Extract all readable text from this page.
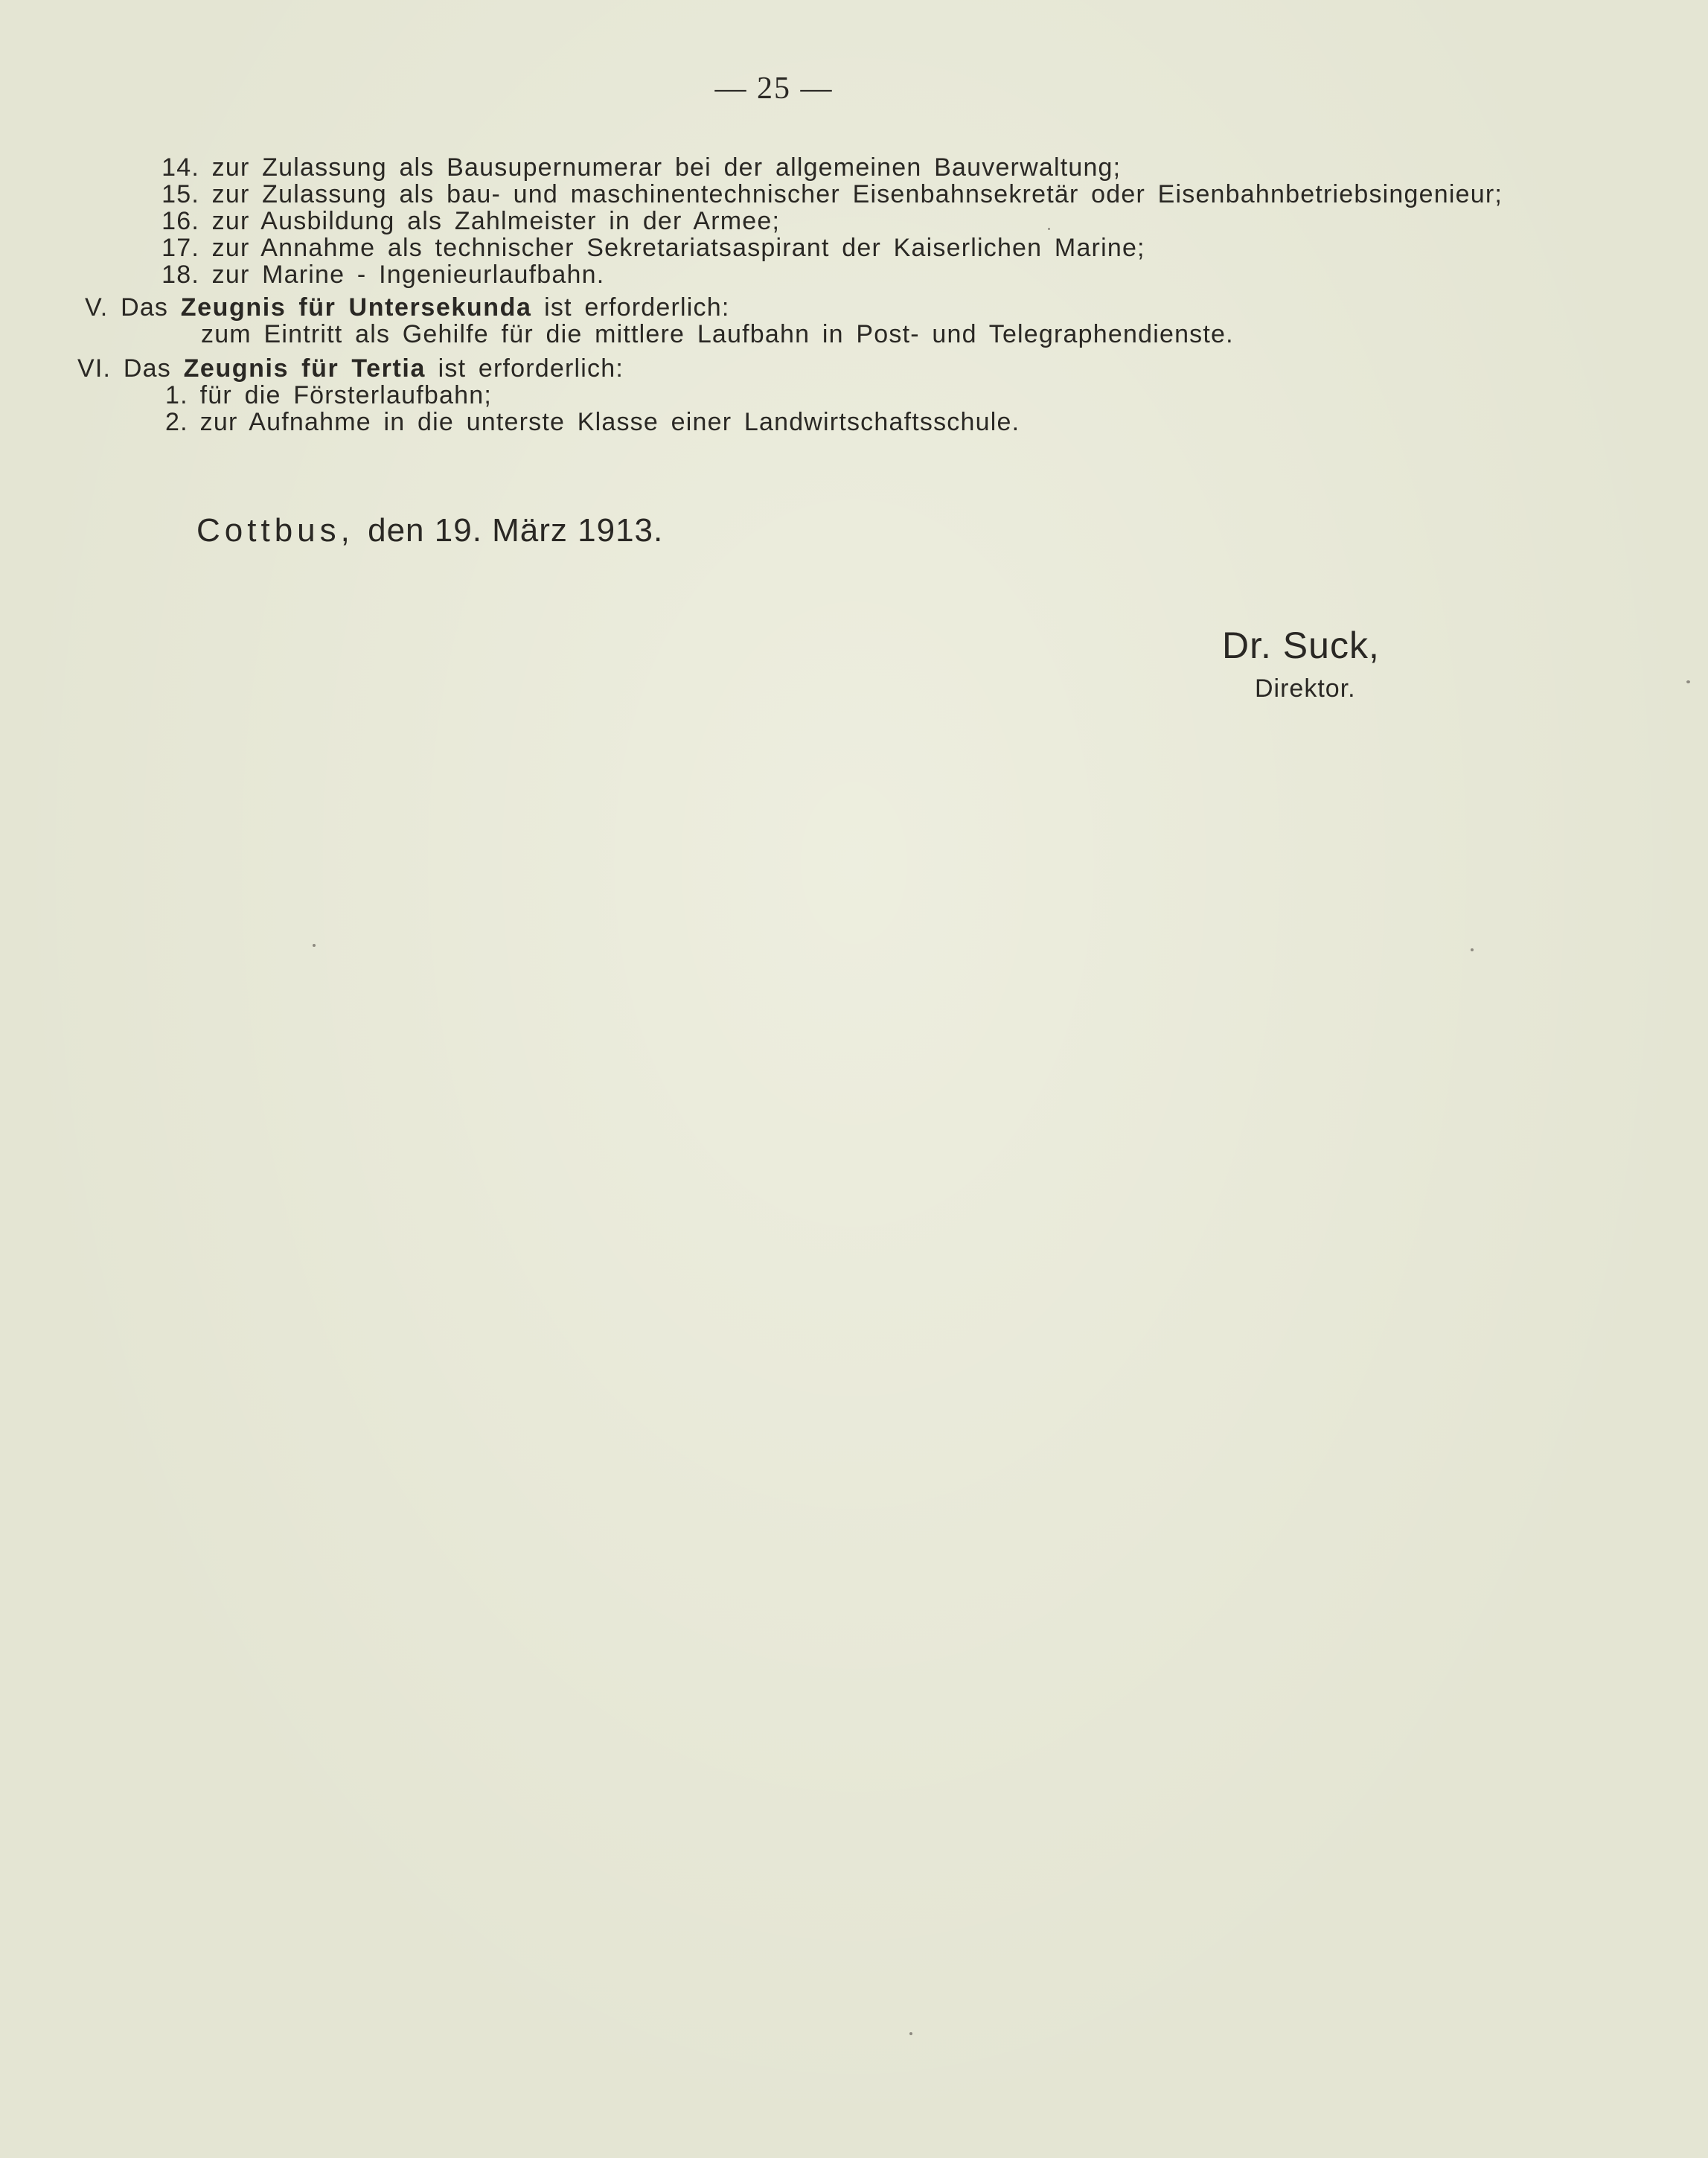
— 25 —
14. zur Zulassung als Bausupernumerar bei der allgemeinen Bauverwaltung;
15. zur Zulassung als bau- und maschinentechnischer Eisenbahnsekretär oder Eisenbahnbetriebsingenieur;
16. zur Ausbildung als Zahlmeister in der Armee;
17. zur Annahme als technischer Sekretariatsaspirant der Kaiserlichen Marine;
18. zur Marine - Ingenieurlaufbahn.
V. Das Zeugnis für Untersekunda ist erforderlich:
zum Eintritt als Gehilfe für die mittlere Laufbahn in Post- und Telegraphendienste.
VI. Das Zeugnis für Tertia ist erforderlich:
1. für die Försterlaufbahn;
2. zur Aufnahme in die unterste Klasse einer Landwirtschaftsschule.
Cottbus, den 19. März 1913.
Dr. Suck,
Direktor.
